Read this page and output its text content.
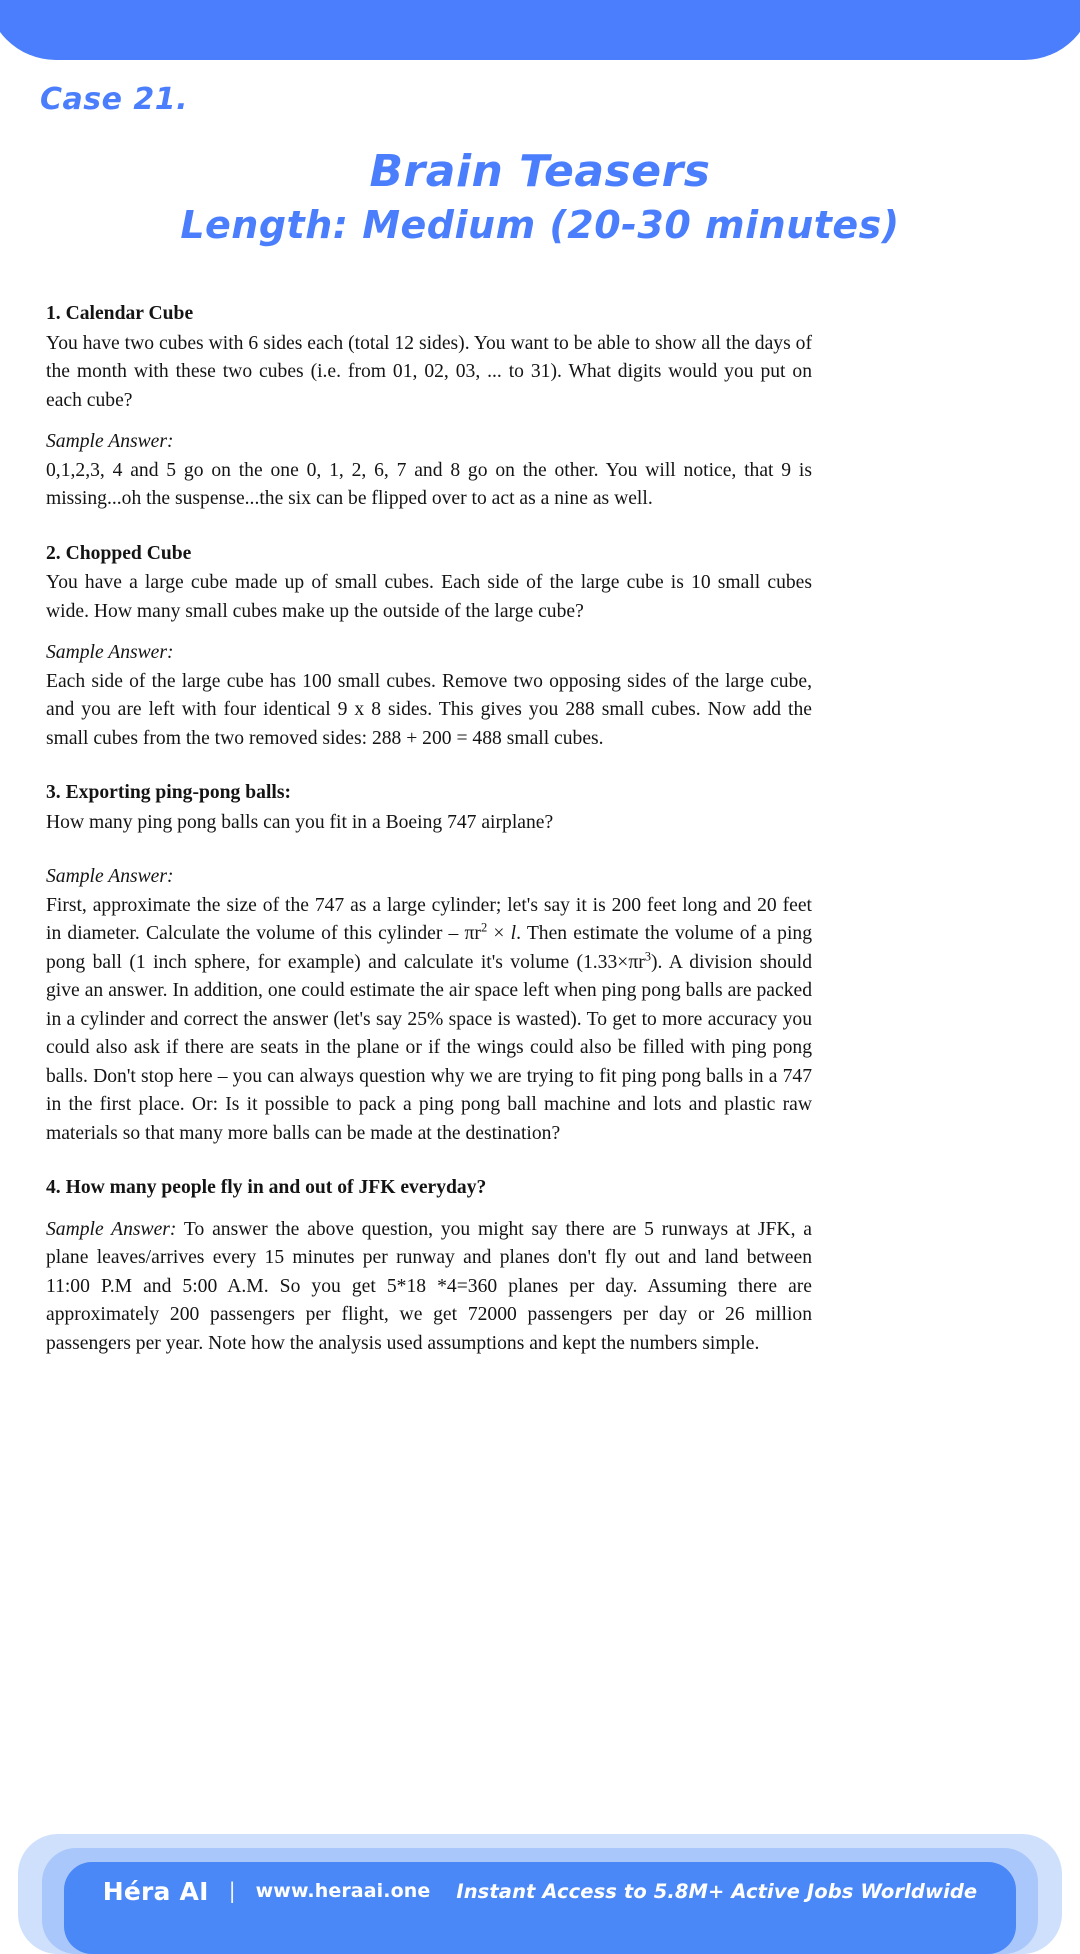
Case 21.
Brain Teasers
Length: Medium (20-30 minutes)
1. Calendar Cube
You have two cubes with 6 sides each (total 12 sides). You want to be able to show all the days of the month with these two cubes (i.e. from 01, 02, 03, ... to 31). What digits would you put on each cube?
Sample Answer:
0,1,2,3, 4 and 5 go on the one 0, 1, 2, 6, 7 and 8 go on the other. You will notice, that 9 is missing...oh the suspense...the six can be flipped over to act as a nine as well.
2. Chopped Cube
You have a large cube made up of small cubes. Each side of the large cube is 10 small cubes wide. How many small cubes make up the outside of the large cube?
Sample Answer:
Each side of the large cube has 100 small cubes. Remove two opposing sides of the large cube, and you are left with four identical 9 x 8 sides. This gives you 288 small cubes. Now add the small cubes from the two removed sides: 288 + 200 = 488 small cubes.
3. Exporting ping-pong balls:
How many ping pong balls can you fit in a Boeing 747 airplane?
Sample Answer:
First, approximate the size of the 747 as a large cylinder; let's say it is 200 feet long and 20 feet in diameter. Calculate the volume of this cylinder – $\pi r^2 \times l$. Then estimate the volume of a ping pong ball (1 inch sphere, for example) and calculate it's volume $(1.33\times\pi r^3)$. A division should give an answer. In addition, one could estimate the air space left when ping pong balls are packed in a cylinder and correct the answer (let's say 25% space is wasted). To get to more accuracy you could also ask if there are seats in the plane or if the wings could also be filled with ping pong balls. Don't stop here – you can always question why we are trying to fit ping pong balls in a 747 in the first place. Or: Is it possible to pack a ping pong ball machine and lots and plastic raw materials so that many more balls can be made at the destination?
4. How many people fly in and out of JFK everyday?
Sample Answer: To answer the above question, you might say there are 5 runways at JFK, a plane leaves/arrives every 15 minutes per runway and planes don't fly out and land between 11:00 P.M and 5:00 A.M. So you get 5*18 *4=360 planes per day. Assuming there are approximately 200 passengers per flight, we get 72000 passengers per day or 26 million passengers per year. Note how the analysis used assumptions and kept the numbers simple.
Héra AI |	www.heraai.one Instant Access to 5.8M+ Active Jobs Worldwide
